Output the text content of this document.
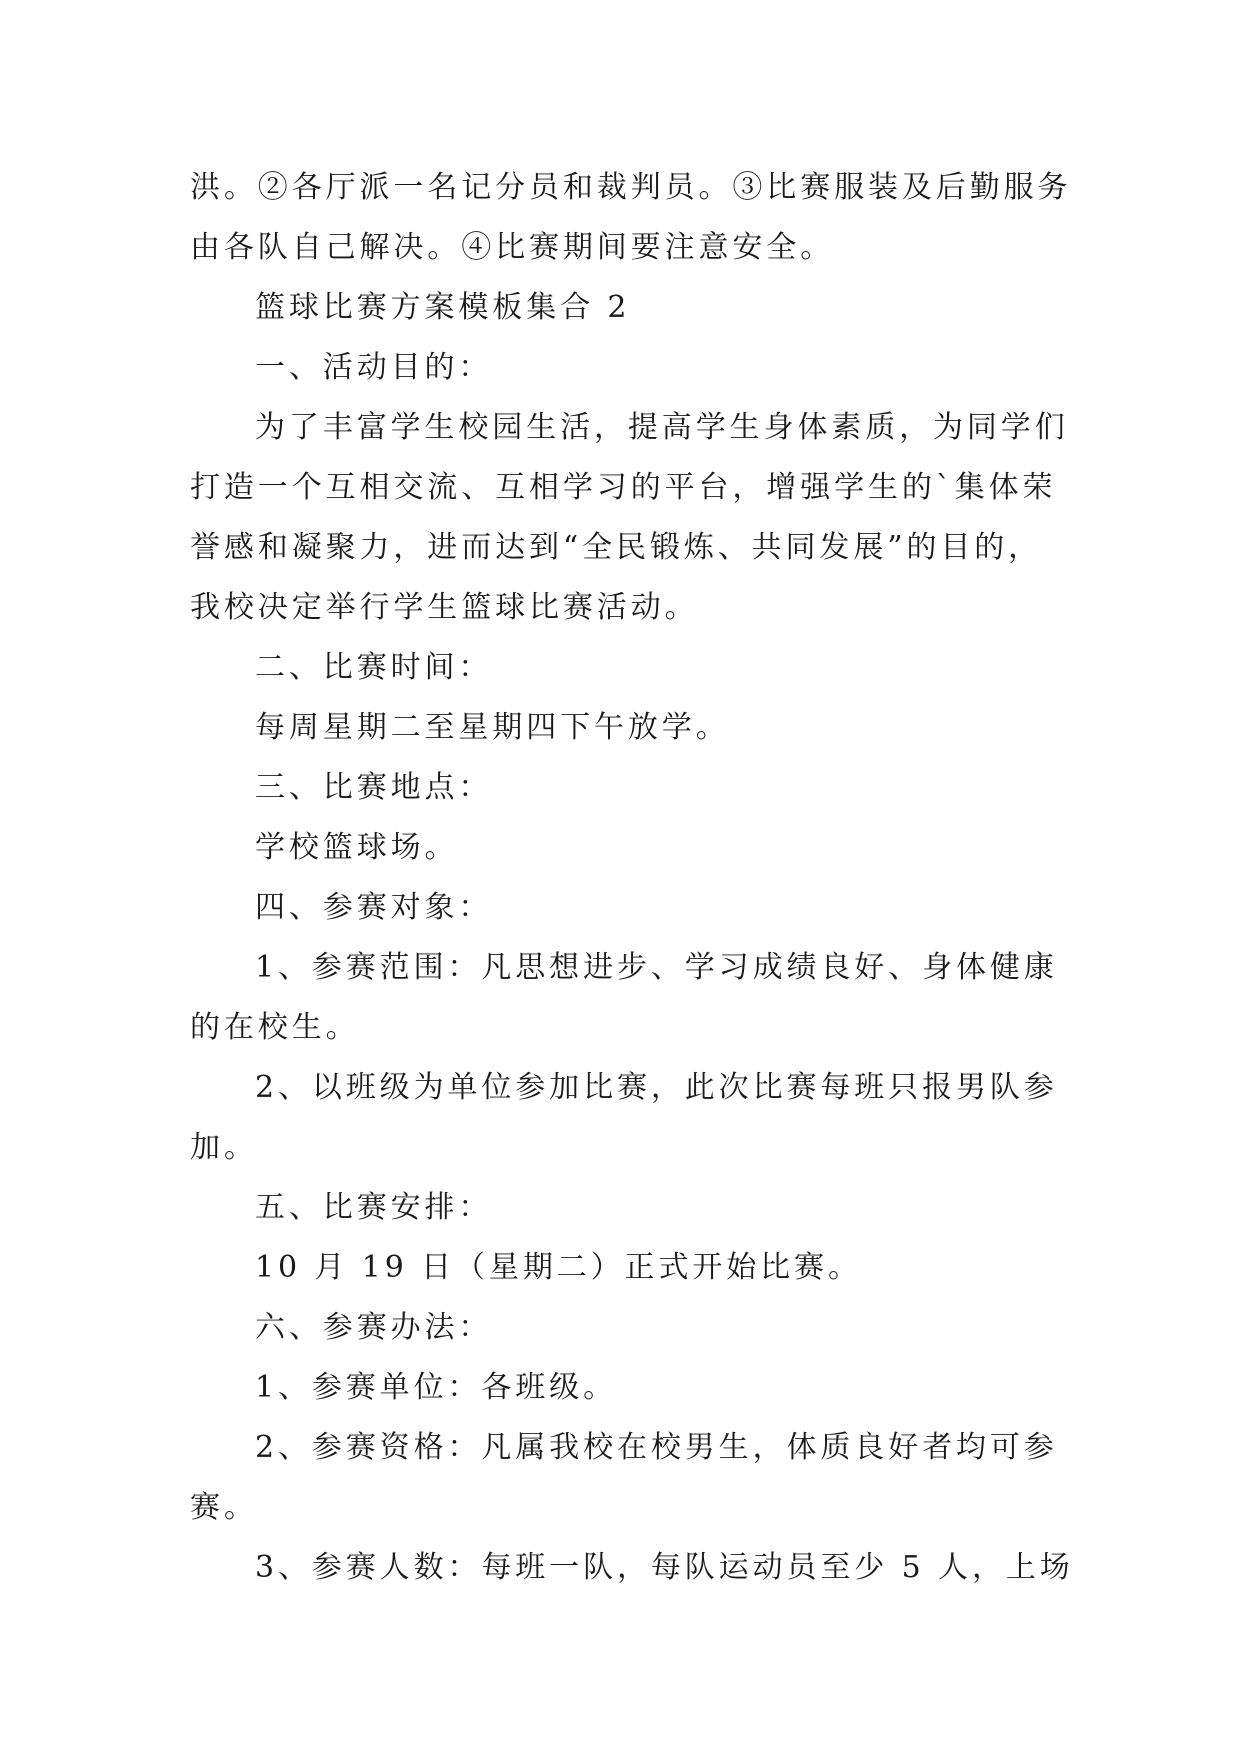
洪。②各厅派一名记分员和裁判员。③比赛服装及后勤服务
由各队自己解决。④比赛期间要注意安全。
篮球比赛方案模板集合 2
一、活动目的：
为了丰富学生校园生活，提高学生身体素质，为同学们
打造一个互相交流、互相学习的平台，增强学生的`集体荣
誉感和凝聚力，进而达到“全民锻炼、共同发展”的目的，
我校决定举行学生篮球比赛活动。
二、比赛时间：
每周星期二至星期四下午放学。
三、比赛地点：
学校篮球场。
四、参赛对象：
1、参赛范围：凡思想进步、学习成绩良好、身体健康
的在校生。
2、以班级为单位参加比赛，此次比赛每班只报男队参
加。
五、比赛安排：
10 月 19 日（星期二）正式开始比赛。
六、参赛办法：
1、参赛单位：各班级。
2、参赛资格：凡属我校在校男生，体质良好者均可参
赛。
3、参赛人数：每班一队，每队运动员至少 5 人，上场
